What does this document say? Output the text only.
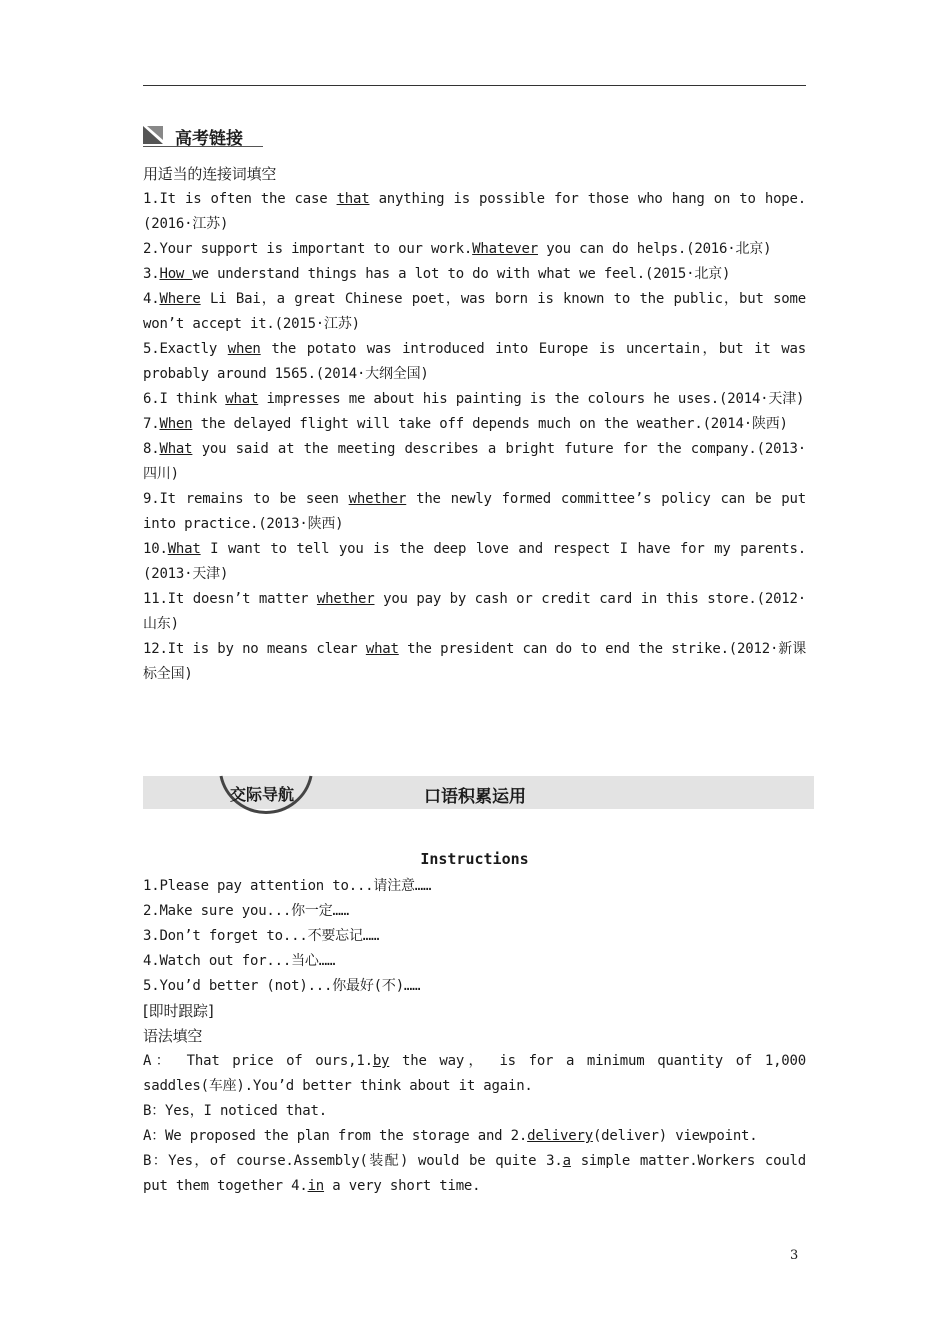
高考链接

用适当的连接词填空

1.It is often the case that anything is possible for those who hang on to hope.(2016·江苏)

2.Your support is important to our work.Whatever you can do helps.(2016·北京)

3.How we understand things has a lot to do with what we feel.(2015·北京)

4.Where Li Bai，a great Chinese poet，was born is known to the public，but some won’t accept it.(2015·江苏)

5.Exactly when the potato was introduced into Europe is uncertain，but it was probably around 1565.(2014·大纲全国)

6.I think what impresses me about his painting is the colours he uses.(2014·天津)

7.When the delayed flight will take off depends much on the weather.(2014·陕西)

8.What you said at the meeting describes a bright future for the company.(2013·四川)

9.It remains to be seen whether the newly formed committee’s policy can be put into practice.(2013·陕西)

10.What I want to tell you is the deep love and respect I have for my parents.(2013·天津)

11.It doesn’t matter whether you pay by cash or credit card in this store.(2012·山东)

12.It is by no means clear what the president can do to end the strike.(2012·新课标全国)

交际导航	口语积累运用
Instructions

1.Please pay attention to...请注意……

2.Make sure you...你一定……

3.Don’t forget to...不要忘记……

4.Watch out for...当心……

5.You’d better (not)...你最好(不)……

[即时跟踪]

语法填空

A： That price of ours,1.by the way， is for a minimum quantity of 1,000 saddles(车座).You’d better think about it again.

B：Yes，I noticed that.

A：We proposed the plan from the storage and 2.delivery(deliver) viewpoint.

B：Yes，of course.Assembly(装配) would be quite 3.a simple matter.Workers could put them together 4.in a very short time.

3
